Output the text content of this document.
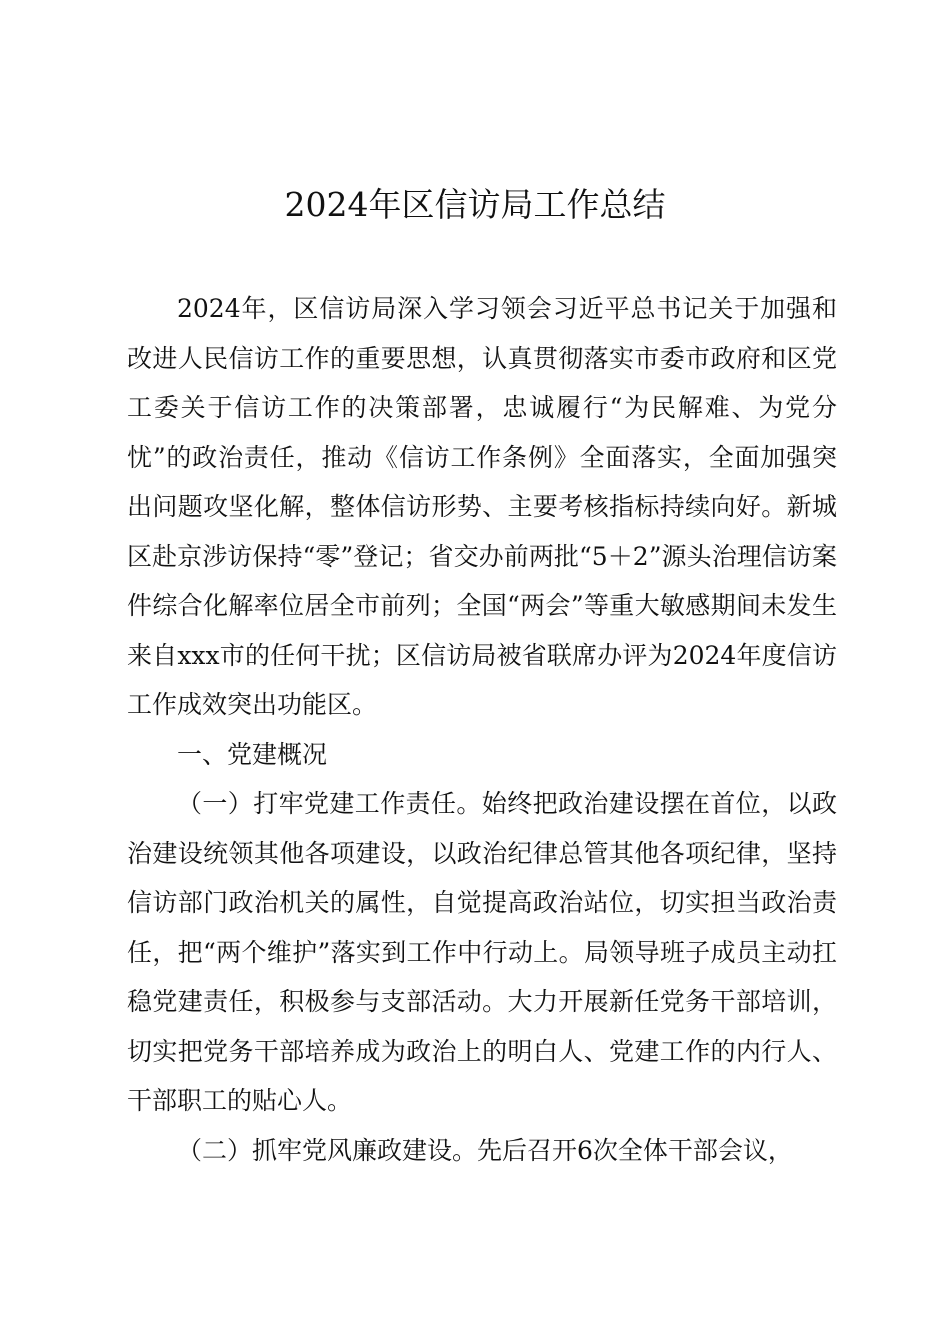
2024年区信访局工作总结

2024年，区信访局深入学习领会习近平总书记关于加强和改进人民信访工作的重要思想，认真贯彻落实市委市政府和区党工委关于信访工作的决策部署，忠诚履行“为民解难、为党分忧”的政治责任，推动《信访工作条例》全面落实，全面加强突出问题攻坚化解，整体信访形势、主要考核指标持续向好。新城区赴京涉访保持“零”登记；省交办前两批“5＋2”源头治理信访案件综合化解率位居全市前列；全国“两会”等重大敏感期间未发生来自xxx市的任何干扰；区信访局被省联席办评为2024年度信访工作成效突出功能区。

一、党建概况

（一）打牢党建工作责任。始终把政治建设摆在首位，以政治建设统领其他各项建设，以政治纪律总管其他各项纪律，坚持信访部门政治机关的属性，自觉提高政治站位，切实担当政治责任，把“两个维护”落实到工作中行动上。局领导班子成员主动扛稳党建责任，积极参与支部活动。大力开展新任党务干部培训，切实把党务干部培养成为政治上的明白人、党建工作的内行人、干部职工的贴心人。

（二）抓牢党风廉政建设。先后召开6次全体干部会议，
